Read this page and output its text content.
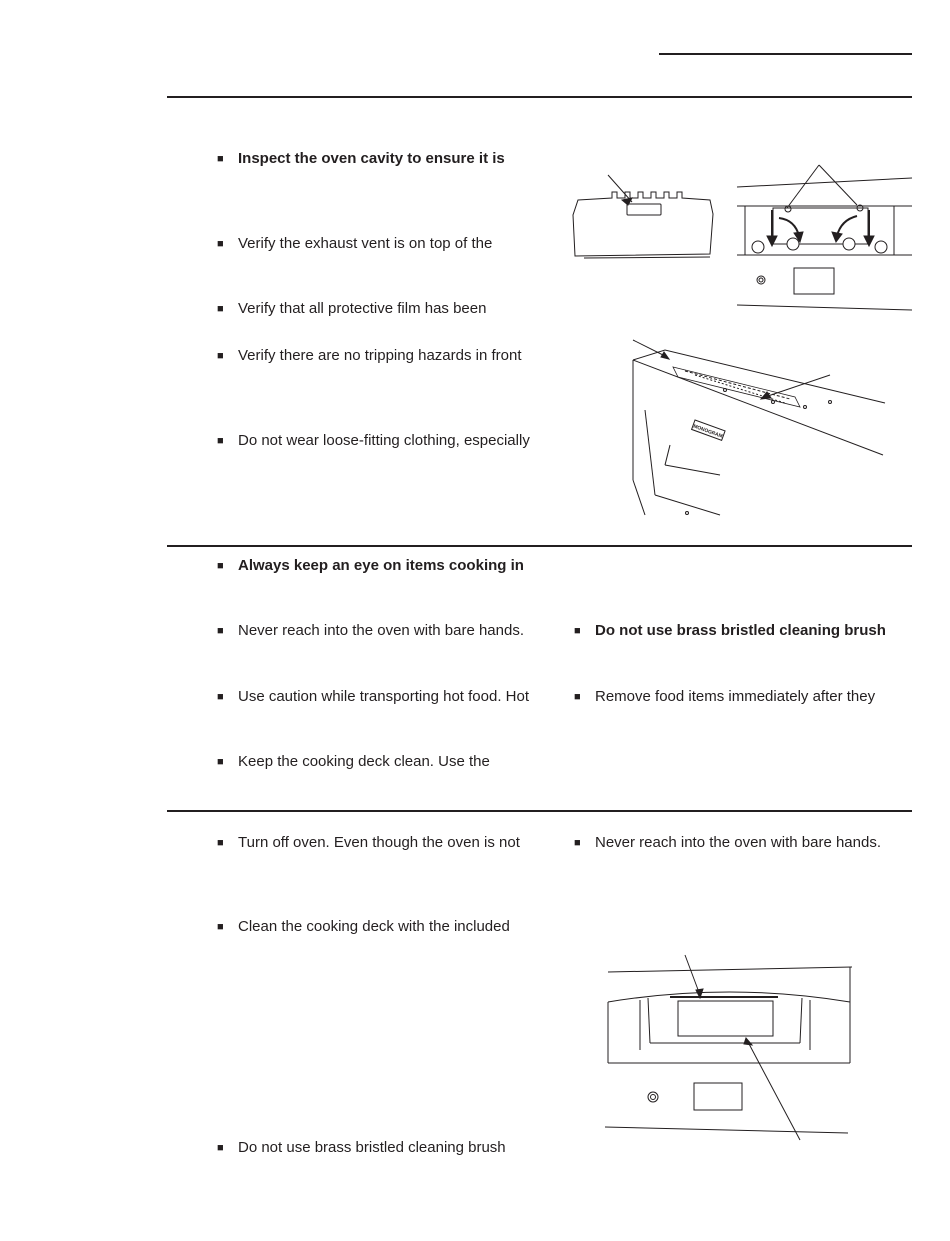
■ Inspect the oven cavity to ensure it is
■ Verify the exhaust vent is on top of the
■ Verify that all protective film has been
■ Verify there are no tripping hazards in front
■ Do not wear loose-fitting clothing, especially
MONOGRAM
■ Always keep an eye on items cooking in
■ Never reach into the oven with bare hands.
■ Use caution while transporting hot food. Hot
■ Keep the cooking deck clean. Use the
■ Do not use brass bristled cleaning brush
■ Remove food items immediately after they
■ Turn off oven. Even though the oven is not
■ Clean the cooking deck with the included
■ Do not use brass bristled cleaning brush
■ Never reach into the oven with bare hands.
